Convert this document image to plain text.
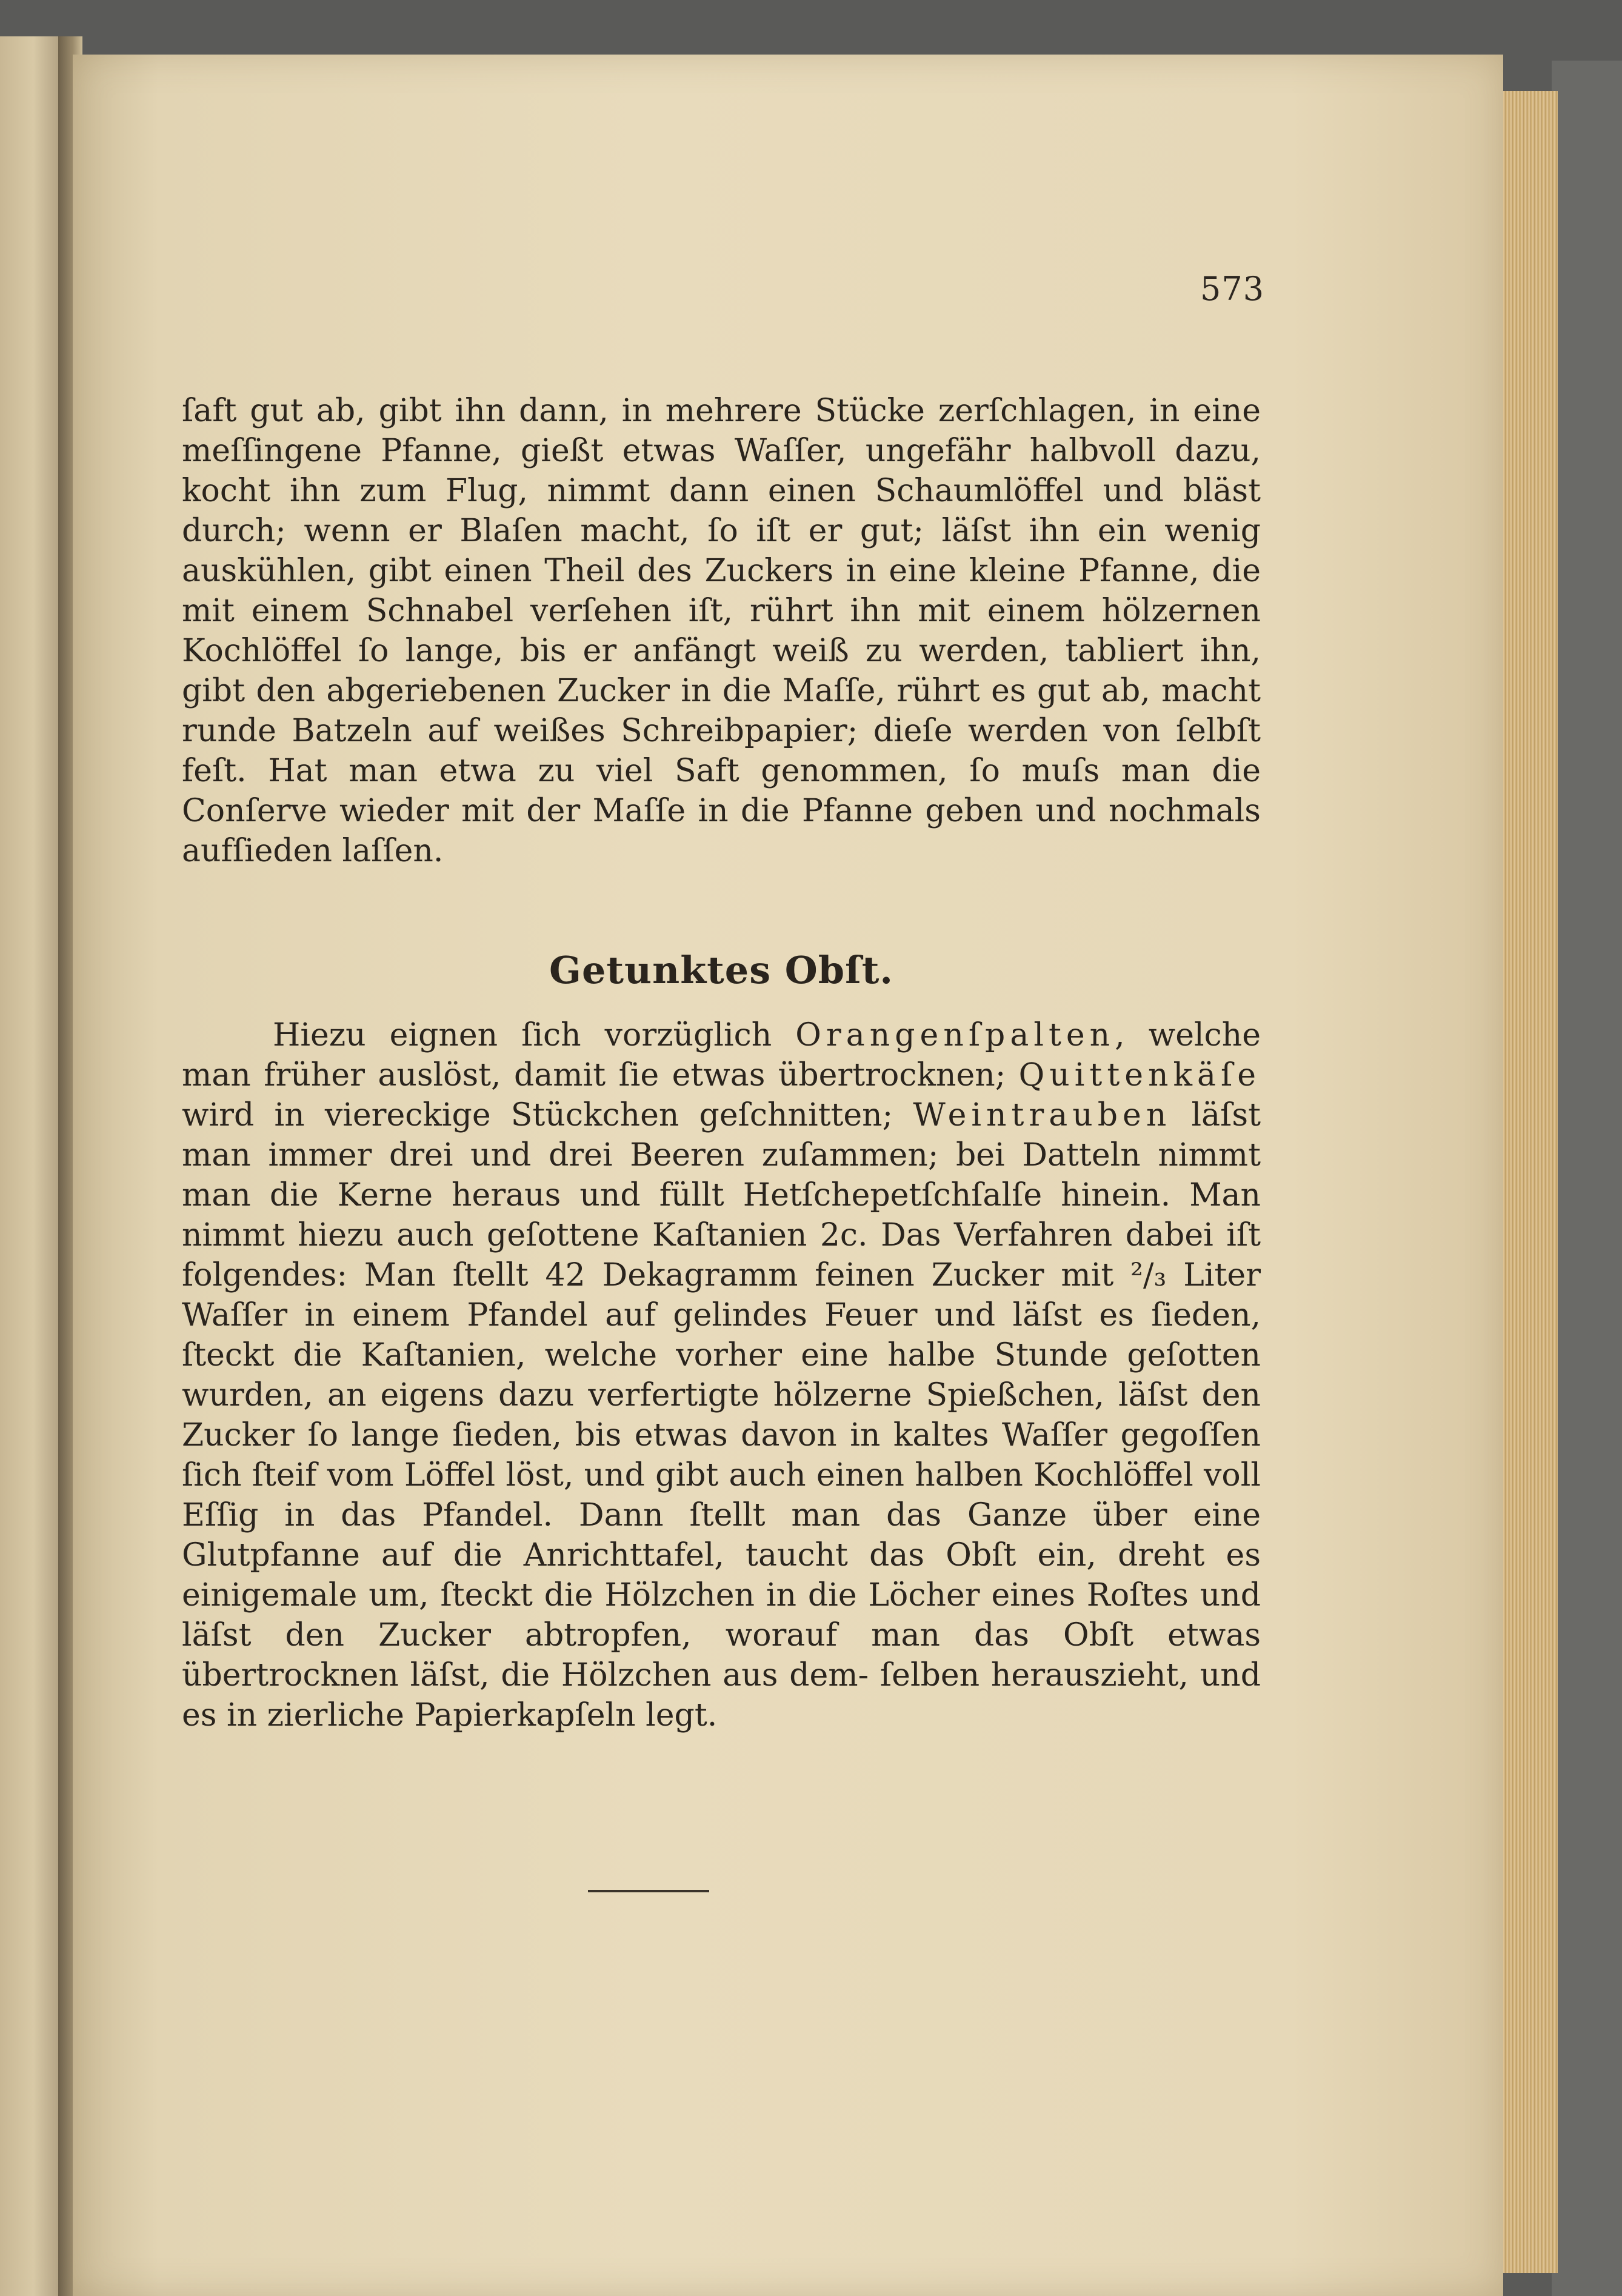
573

ſaft gut ab, gibt ihn dann, in mehrere Stücke zerſchlagen, in eine meſſingene Pfanne, gießt etwas Waſſer, ungefähr halbvoll dazu, kocht ihn zum Flug, nimmt dann einen Schaumlöffel und bläst durch; wenn er Blaſen macht, ſo iſt er gut; läſst ihn ein wenig auskühlen, gibt einen Theil des Zuckers in eine kleine Pfanne, die mit einem Schnabel verſehen iſt, rührt ihn mit einem hölzernen Kochlöffel ſo lange, bis er anfängt weiß zu werden, tabliert ihn, gibt den abgeriebenen Zucker in die Maſſe, rührt es gut ab, macht runde Batzeln auf weißes Schreibpapier; dieſe werden von ſelbſt feſt. Hat man etwa zu viel Saft genommen, ſo muſs man die Conſerve wieder mit der Maſſe in die Pfanne geben und nochmals aufſieden laſſen.

Getunktes Obſt.

Hiezu eignen ſich vorzüglich Orangenſpalten, welche man früher auslöst, damit ſie etwas übertrocknen; Quittenkäſe wird in viereckige Stückchen geſchnitten; Weintrauben läſst man immer drei und drei Beeren zuſammen; bei Datteln nimmt man die Kerne heraus und füllt Hetſchepetſchſalſe hinein. Man nimmt hiezu auch geſottene Kaſtanien 2c. Das Verfahren dabei iſt folgendes: Man ſtellt 42 Dekagramm feinen Zucker mit ²/₃ Liter Waſſer in einem Pfandel auf gelindes Feuer und läſst es ſieden, ſteckt die Kaſtanien, welche vorher eine halbe Stunde geſotten wurden, an eigens dazu verfertigte hölzerne Spießchen, läſst den Zucker ſo lange ſieden, bis etwas davon in kaltes Waſſer gegoſſen ſich ſteif vom Löffel löst, und gibt auch einen halben Kochlöffel voll Eſſig in das Pfandel. Dann ſtellt man das Ganze über eine Glutpfanne auf die Anrichttafel, taucht das Obſt ein, dreht es einigemale um, ſteckt die Hölzchen in die Löcher eines Roſtes und läſst den Zucker abtropfen, worauf man das Obſt etwas übertrocknen läſst, die Hölzchen aus dem- ſelben herauszieht, und es in zierliche Papierkapſeln legt.
